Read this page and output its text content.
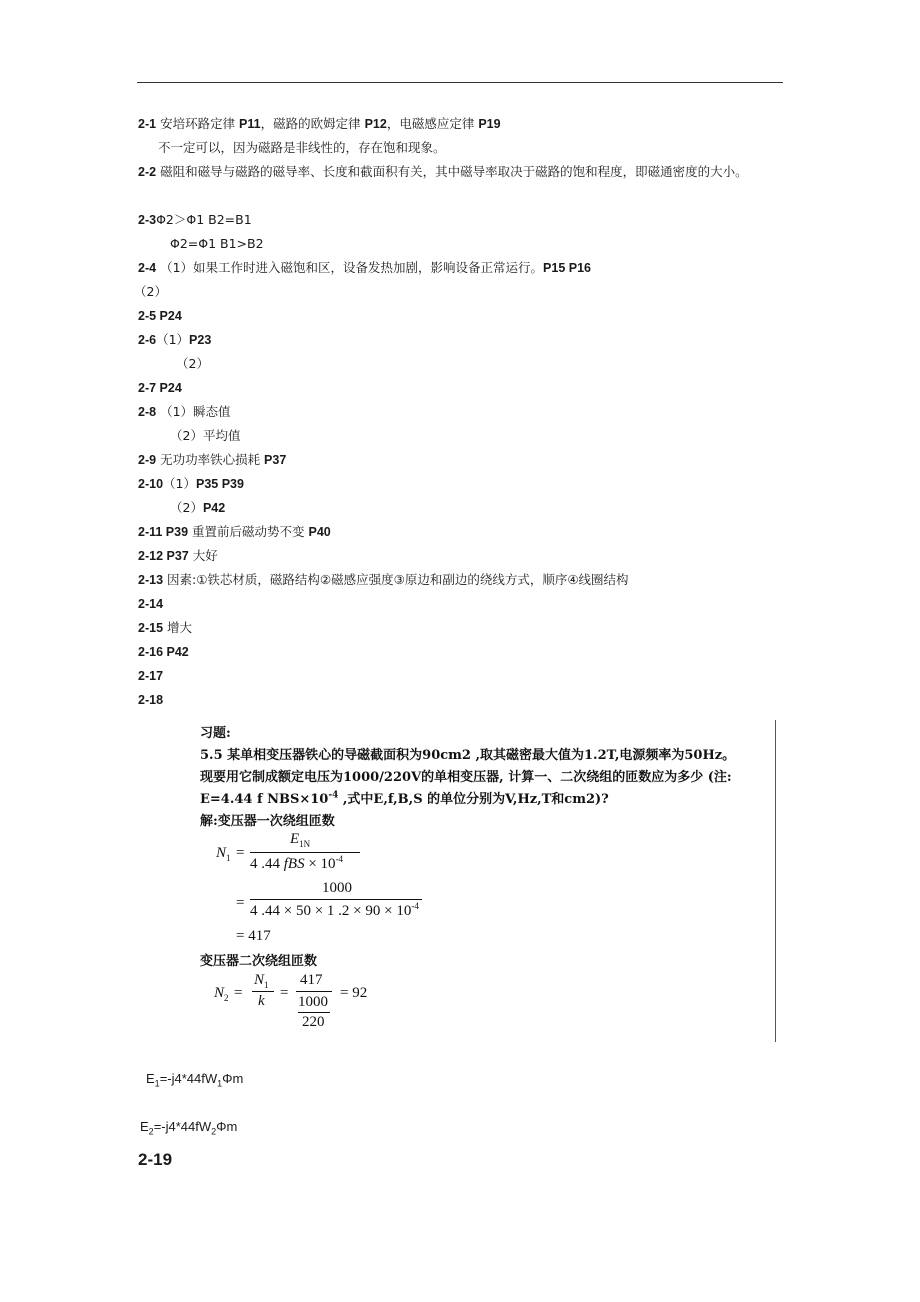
2-1 安培环路定律 P11，磁路的欧姆定律 P12，电磁感应定律 P19
不一定可以，因为磁路是非线性的，存在饱和现象。
2-2 磁阻和磁导与磁路的磁导率、长度和截面积有关，其中磁导率取决于磁路的饱和程度，即磁通密度的大小。
2-3Φ2＞Φ1 B2=B1
Φ2=Φ1 B1>B2
2-4 （1）如果工作时进入磁饱和区，设备发热加剧，影响设备正常运行。P15 P16
（2）
2-5 P24
2-6（1）P23
（2）
2-7 P24
2-8 （1）瞬态值
（2）平均值
2-9 无功功率铁心损耗 P37
2-10（1）P35 P39
（2）P42
2-11 P39 重置前后磁动势不变 P40
2-12 P37 大好
2-13 因素:①铁芯材质，磁路结构②磁感应强度③原边和副边的绕线方式，顺序④线圈结构
2-14
2-15 增大
2-16 P42
2-17
2-18
习题:
5.5 某单相变压器铁心的导磁截面积为90cm2 ,取其磁密最大值为1.2T,电源频率为50Hz。
现要用它制成额定电压为1000/220V的单相变压器, 计算一、二次绕组的匝数应为多少 (注:
E=4.44 f $NBS\times 10^{-4}$ ,式中E,f,B,S 的单位分别为V,Hz,T和cm2)?
解:变压器一次绕组匝数
$N_1$ =
$E_{1N}$
4 .44 fBS × $10^{-4}$
=
1000
4 .44 × 50 × 1 $.2 \times 90 \times 10^{-4}$
= 417
变压器二次绕组匝数
$N_2$ =
$N_1$
k =
417
1000
220
= 92
$E_1=-j4*44fW_1\Phi m$
$E_2=-j4*44fW_2\Phi m$
2-19
